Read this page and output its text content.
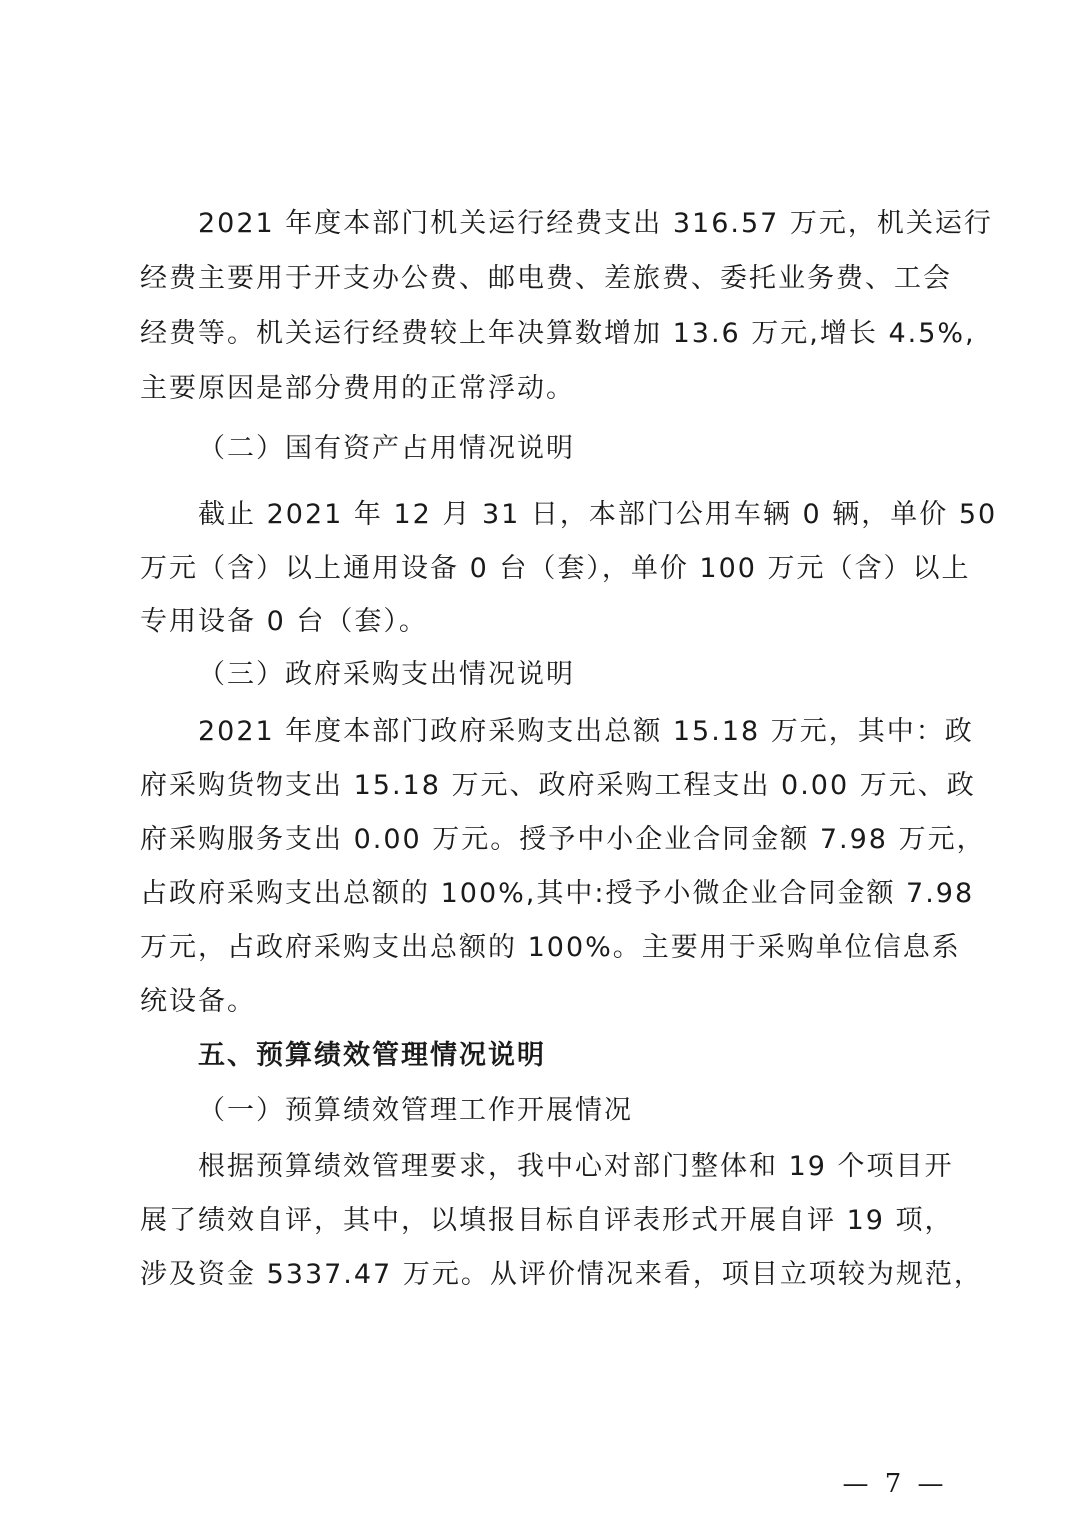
2021 年度本部门机关运行经费支出 316.57 万元，机关运行
经费主要用于开支办公费、邮电费、差旅费、委托业务费、工会
经费等。机关运行经费较上年决算数增加 13.6 万元,增长 4.5%,
主要原因是部分费用的正常浮动。
（二）国有资产占用情况说明
截止 2021 年 12 月 31 日，本部门公用车辆 0 辆，单价 50
万元（含）以上通用设备 0 台（套），单价 100 万元（含）以上
专用设备 0 台（套）。
（三）政府采购支出情况说明
2021 年度本部门政府采购支出总额 15.18 万元，其中：政
府采购货物支出 15.18 万元、政府采购工程支出 0.00 万元、政
府采购服务支出 0.00 万元。授予中小企业合同金额 7.98 万元，
占政府采购支出总额的 100%,其中:授予小微企业合同金额 7.98
万元，占政府采购支出总额的 100%。主要用于采购单位信息系
统设备。
五、预算绩效管理情况说明
（一）预算绩效管理工作开展情况
根据预算绩效管理要求，我中心对部门整体和 19 个项目开
展了绩效自评，其中，以填报目标自评表形式开展自评 19 项，
涉及资金 5337.47 万元。从评价情况来看，项目立项较为规范，
— 7 —
